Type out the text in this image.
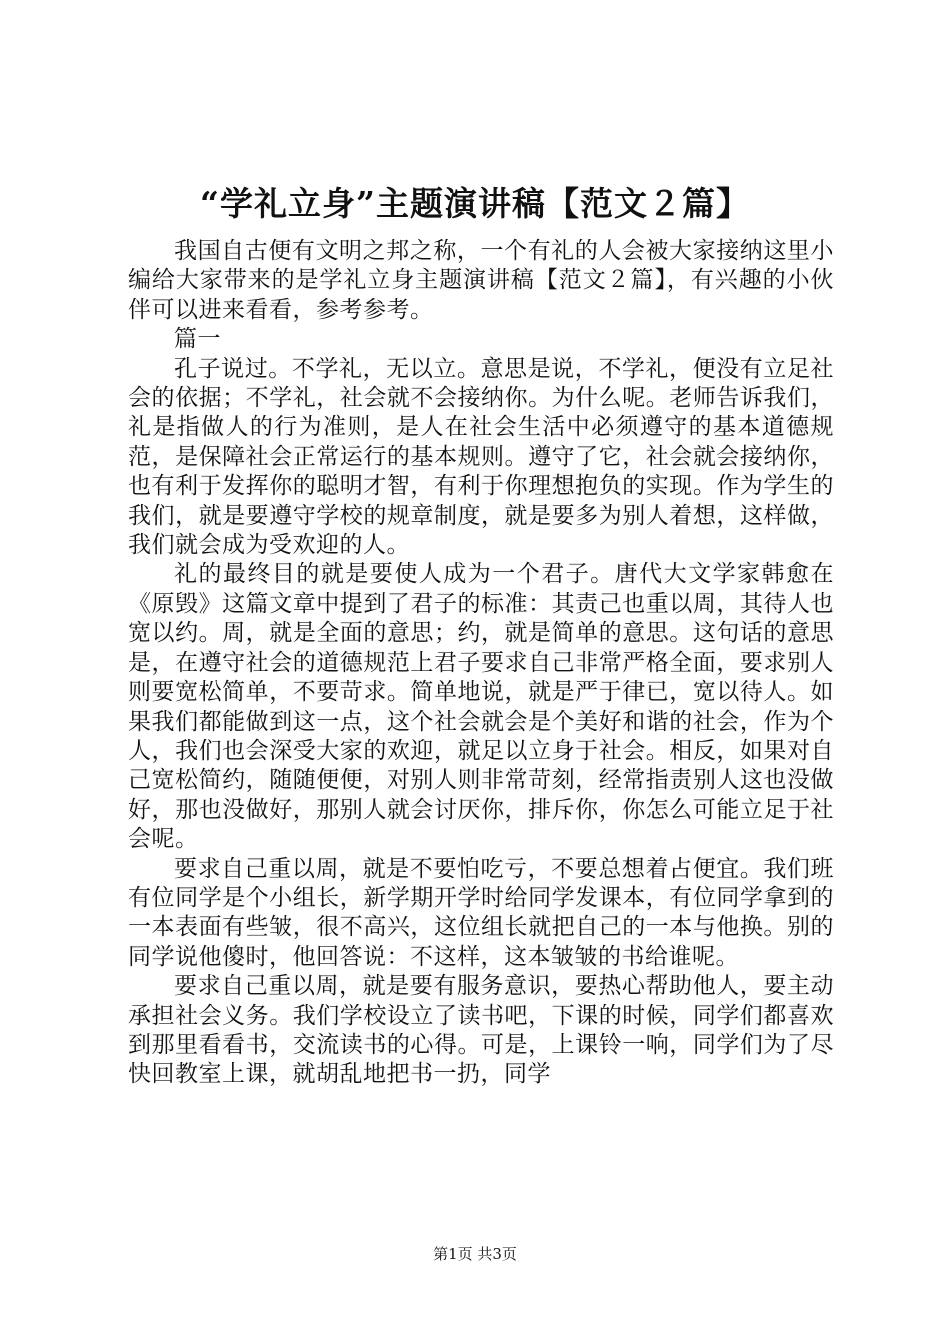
“学礼立身”主题演讲稿【范文２篇】

我国自古便有文明之邦之称，一个有礼的人会被大家接纳这里小编给大家带来的是学礼立身主题演讲稿【范文２篇】，有兴趣的小伙伴可以进来看看，参考参考。

篇一

孔子说过。不学礼，无以立。意思是说，不学礼，便没有立足社会的依据；不学礼，社会就不会接纳你。为什么呢。老师告诉我们，礼是指做人的行为准则，是人在社会生活中必须遵守的基本道德规范，是保障社会正常运行的基本规则。遵守了它，社会就会接纳你，也有利于发挥你的聪明才智，有利于你理想抱负的实现。作为学生的我们，就是要遵守学校的规章制度，就是要多为别人着想，这样做，我们就会成为受欢迎的人。

礼的最终目的就是要使人成为一个君子。唐代大文学家韩愈在《原毁》这篇文章中提到了君子的标准：其责己也重以周，其待人也宽以约。周，就是全面的意思；约，就是简单的意思。这句话的意思是，在遵守社会的道德规范上君子要求自己非常严格全面，要求别人则要宽松简单，不要苛求。简单地说，就是严于律已，宽以待人。如果我们都能做到这一点，这个社会就会是个美好和谐的社会，作为个人，我们也会深受大家的欢迎，就足以立身于社会。相反，如果对自己宽松简约，随随便便，对别人则非常苛刻，经常指责别人这也没做好，那也没做好，那别人就会讨厌你，排斥你，你怎么可能立足于社会呢。

要求自己重以周，就是不要怕吃亏，不要总想着占便宜。我们班有位同学是个小组长，新学期开学时给同学发课本，有位同学拿到的一本表面有些皱，很不高兴，这位组长就把自己的一本与他换。别的同学说他傻时，他回答说：不这样，这本皱皱的书给谁呢。

要求自己重以周，就是要有服务意识，要热心帮助他人，要主动承担社会义务。我们学校设立了读书吧，下课的时候，同学们都喜欢到那里看看书，交流读书的心得。可是，上课铃一响，同学们为了尽快回教室上课，就胡乱地把书一扔，同学

第1页 共3页
